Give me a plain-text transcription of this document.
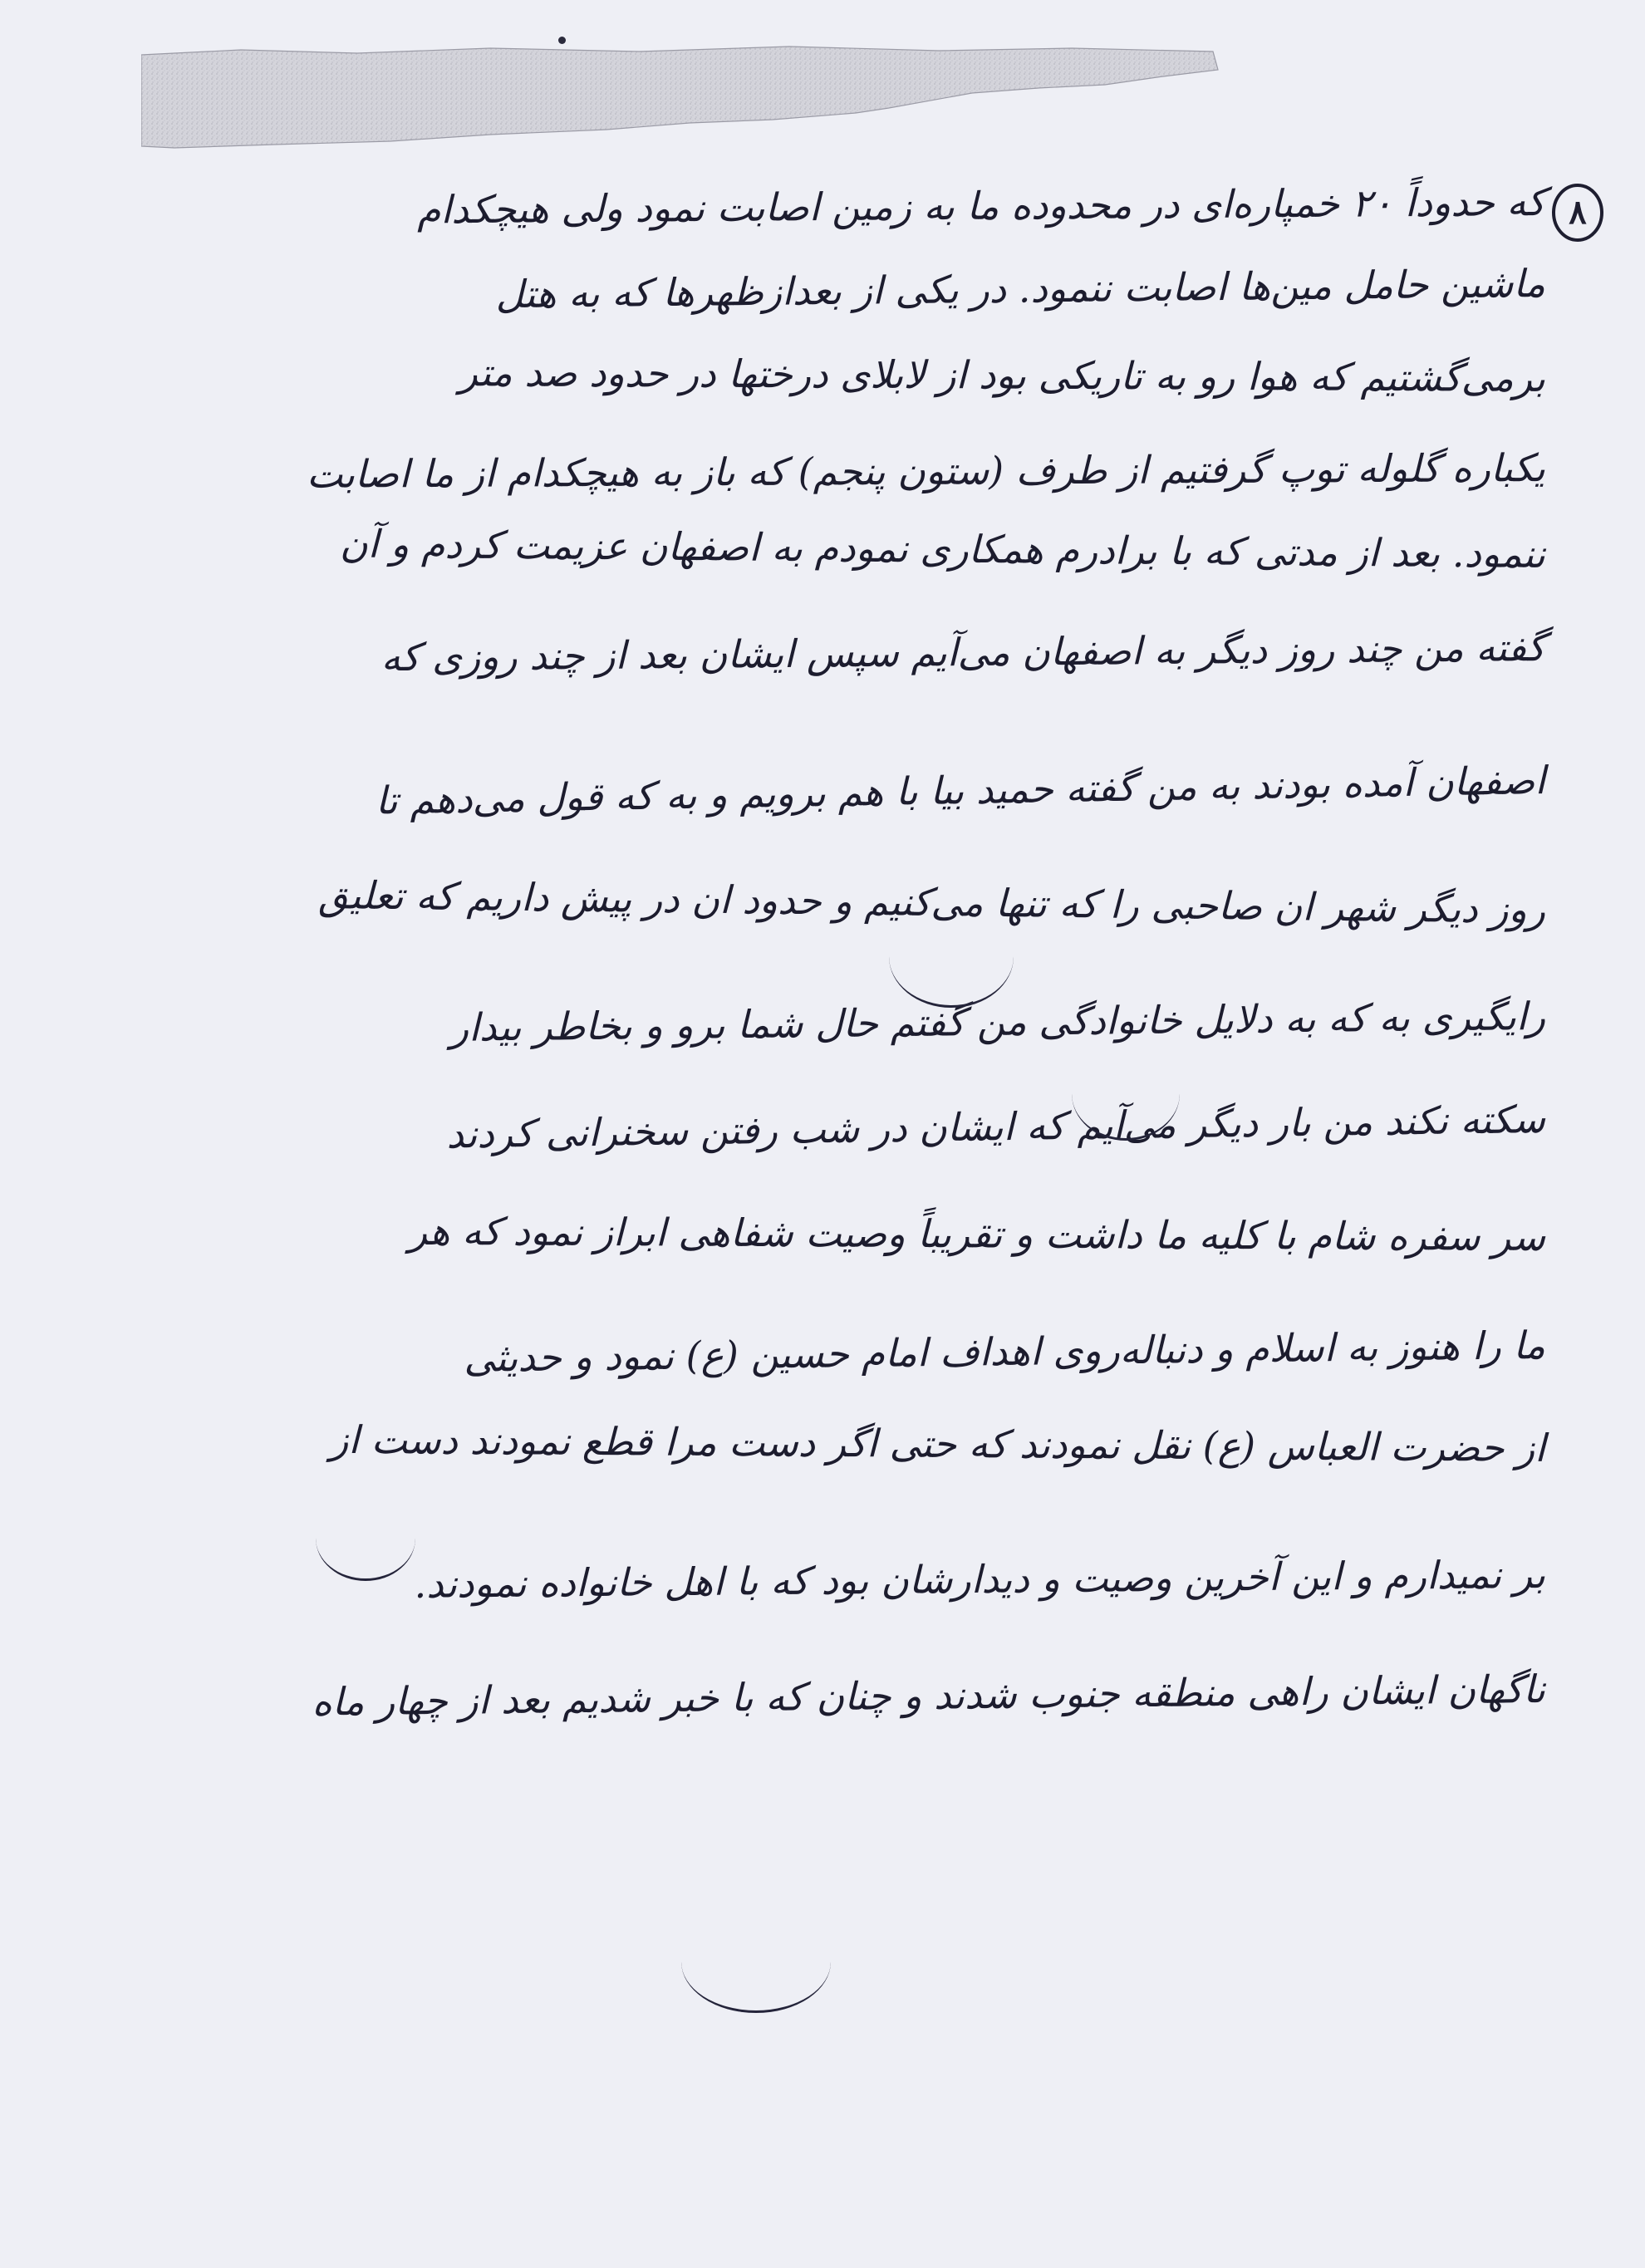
۸
که حدوداً ۲۰ خمپاره‌ای در محدوده ما به زمین اصابت نمود ولی هیچکدام
ماشین حامل مین‌ها اصابت ننمود. در یکی از بعدازظهرها که به هتل
برمی‌گشتیم که هوا رو به تاریکی بود از لابلای درختها در حدود صد متر
یکباره گلوله توپ گرفتیم از طرف (ستون پنجم) که باز به هیچکدام از ما اصابت
ننمود. بعد از مدتی که با برادرم همکاری نمودم به اصفهان عزیمت کردم و آن
گفته من چند روز دیگر به اصفهان می‌آیم سپس ایشان بعد از چند روزی که
اصفهان آمده بودند به من گفته حمید بیا با هم برویم و به که قول می‌دهم تا
روز دیگر شهر ان صاحبی را که تنها می‌کنیم و حدود ان در پیش داریم که تعلیق
رایگیری به که به دلایل خانوادگی من گفتم حال شما برو و بخاطر بیدار
سکته نکند من بار دیگر می‌آیم که ایشان در شب رفتن سخنرانی کردند
سر سفره شام با کلیه ما داشت و تقریباً وصیت شفاهی ابراز نمود که هر
ما را هنوز به اسلام و دنباله‌روی اهداف امام حسین (ع) نمود و حدیثی
از حضرت العباس (ع) نقل نمودند که حتی اگر دست مرا قطع نمودند دست از
بر نمیدارم و این آخرین وصیت و دیدارشان بود که با اهل خانواده نمودند.
ناگهان ایشان راهی منطقه جنوب شدند و چنان که با خبر شدیم بعد از چهار ماه
